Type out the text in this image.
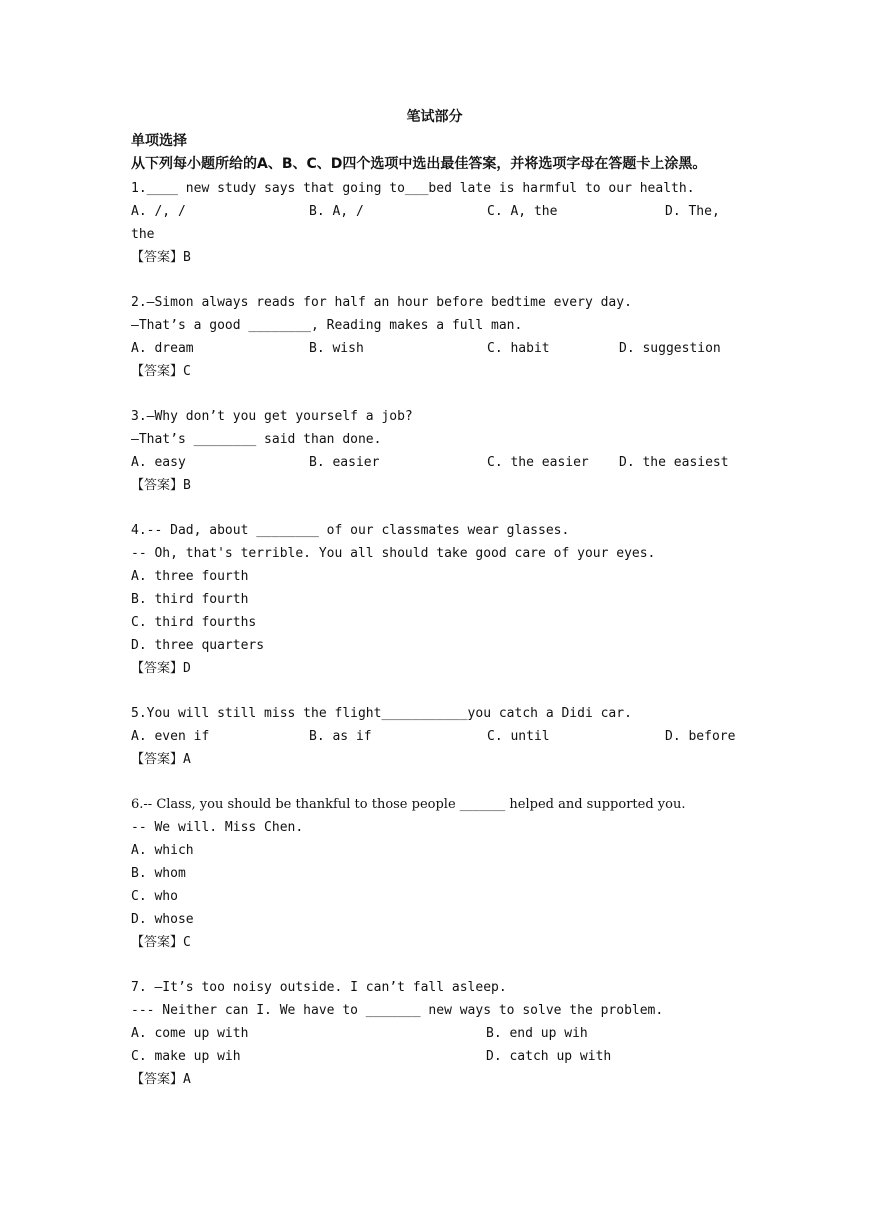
笔试部分
单项选择
从下列每小题所给的A、B、C、D四个选项中选出最佳答案，并将选项字母在答题卡上涂黑。
1.____ new study says that going to___bed late is harmful to our health.
A. /, /	B. A, /	C. A, the	D. The,
the
【答案】B
2.—Simon always reads for half an hour before bedtime every day.
—That’s a good ________, Reading makes a full man.
A. dream	B. wish	C. habit	D. suggestion
【答案】C
3.—Why don’t you get yourself a job?
—That’s ________ said than done.
A. easy	B. easier	C. the easier	D. the easiest
【答案】B
4.-- Dad, about ________ of our classmates wear glasses.
-- Oh, that's terrible. You all should take good care of your eyes.
A. three fourth
B. third fourth
C. third fourths
D. three quarters
【答案】D
5.You will still miss the flight___________you catch a Didi car.
A. even if	B. as if	C. until	D. before
【答案】A
6.-- Class, you should be thankful to those people _______ helped and supported you.
-- We will. Miss Chen.
A. which
B. whom
C. who
D. whose
【答案】C
7. —It’s too noisy outside. I can’t fall asleep.
--- Neither can I. We have to _______ new ways to solve the problem.
A. come up with	B. end up wih
C. make up wih	D. catch up with
【答案】A
